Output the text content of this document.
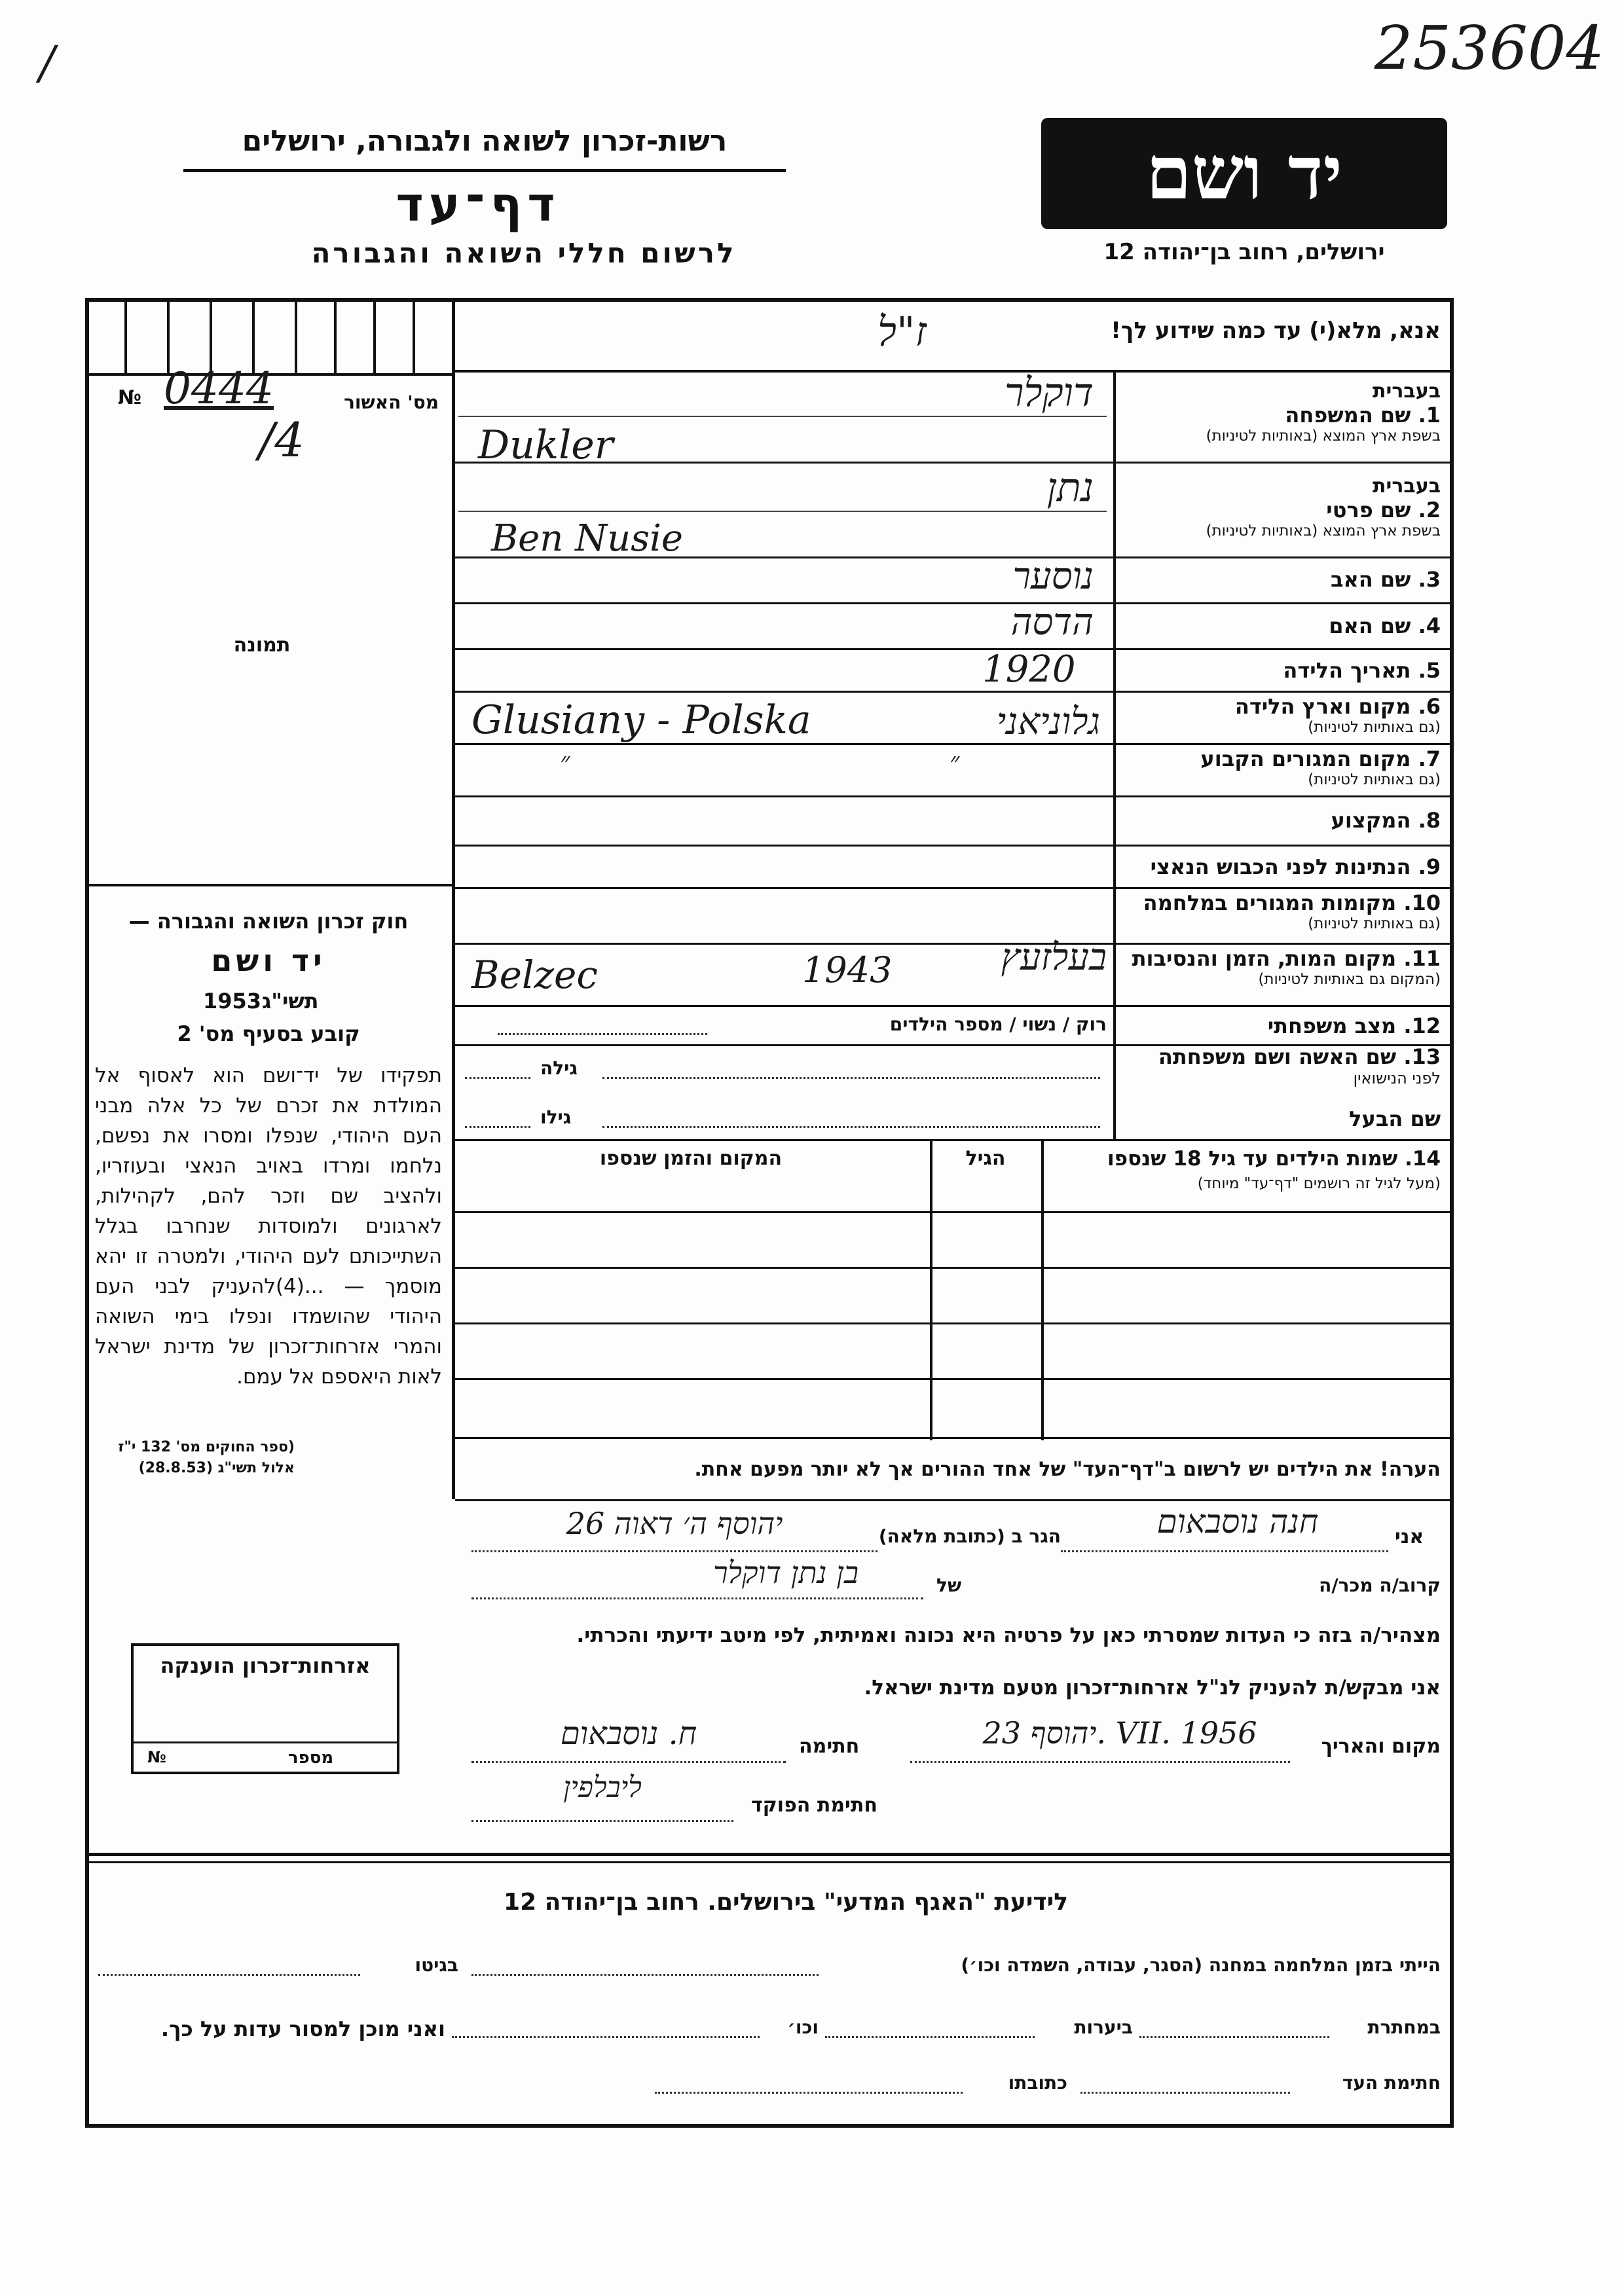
253604
/
רשות-זכרון לשואה ולגבורה, ירושלים
דף־עד
לרשום חללי השואה והגבורה
יד ושם
ירושלים, רחוב בן־יהודה 12
№ 0444
/4
מס' האשור
תמונה
חוק זכרון השואה והגבורה —
יד ושם
תשי"ג
1953
קובע בסעיף מס' 2
תפקידו של יד־ושם הוא לאסוף אל המולדת את זכרם של כל אלה מבני העם היהודי, שנפלו ומסרו את נפשם, נלחמו ומרדו באויב הנאצי ובעוזריו, ולהציב שם וזכר להם, לקהילות, לארגונים ולמוסדות שנחרבו בגלל השתייכותם לעם היהודי, ולמטרה זו יהא מוסמך — ...(4)להעניק לבני העם היהודי שהושמדו ונפלו בימי השואה והמרי אזרחות־זכרון של מדינת ישראל לאות היאספם אל עמם.
(ספר החוקים מס' 132 י"ז אלול תשי"ג (28.8.53)
אזרחות־זכרון הוענקה
מספר
№
אנא, מלא(י) עד כמה שידוע לך!
ז"ל
בעברית
1. שם המשפחה
בשפת ארץ המוצא (באותיות לטיניות)
דוקלר
Dukler
בעברית
2. שם פרטי
בשפת ארץ המוצא (באותיות לטיניות)
נתן
Ben Nusie
3. שם האב
נוסער
4. שם האם
הדסה
5. תאריך הלידה
1920
6. מקום וארץ הלידה
(גם באותיות לטיניות)
גלוניאני
Glusiany - Polska
7. מקום המגורים הקבוע
(גם באותיות לטיניות)
״
״
8. המקצוע
9. הנתינות לפני הכבוש הנאצי
10. מקומות המגורים במלחמה
(גם באותיות לטיניות)
11. מקום המות, הזמן והנסיבות
(המקום גם באותיות לטיניות)
Belzec	1943	בעלזעץ
12. מצב משפחתי
רוק / נשוי / מספר הילדים
13. שם האשה ושם משפחתה
לפני הנישואין
גילה
שם הבעל
גילו
14. שמות הילדים עד גיל 18 שנספו
(מעל לגיל זה רושמים "דף־עד" מיוחד)
הגיל
המקום והזמן שנספו
הערה! את הילדים יש לרשום ב"דף־העד" של אחד ההורים אך לא יותר מפעם אחת.
אני
חנה נוסבאום
הגר ב (כתובת מלאה)
יהוסף ה׳ דאוה 26
קרוב/ה מכר/ה
של
בן נתן דוקלר
מצהיר/ה בזה כי העדות שמסרתי כאן על פרטיה היא נכונה ואמיתית, לפי מיטב ידיעתי והכרתי.
אני מבקש/ת להעניק לנ"ל אזרחות־זכרון מטעם מדינת ישראל.
מקום והאריך
יהוסף 23. VII. 1956
חתימה
ח. נוסבאום
חתימת הפוקד
ליבלפין
לידיעת "האגף המדעי" בירושלים. רחוב בן־יהודה 12
הייתי בזמן המלחמה במחנה (הסגר, עבודה, השמדה וכו׳)
בגיטו
במחתרת
ביערות
וכו׳
ואני מוכן למסור עדות על כך.
חתימת העד
כתובתו
